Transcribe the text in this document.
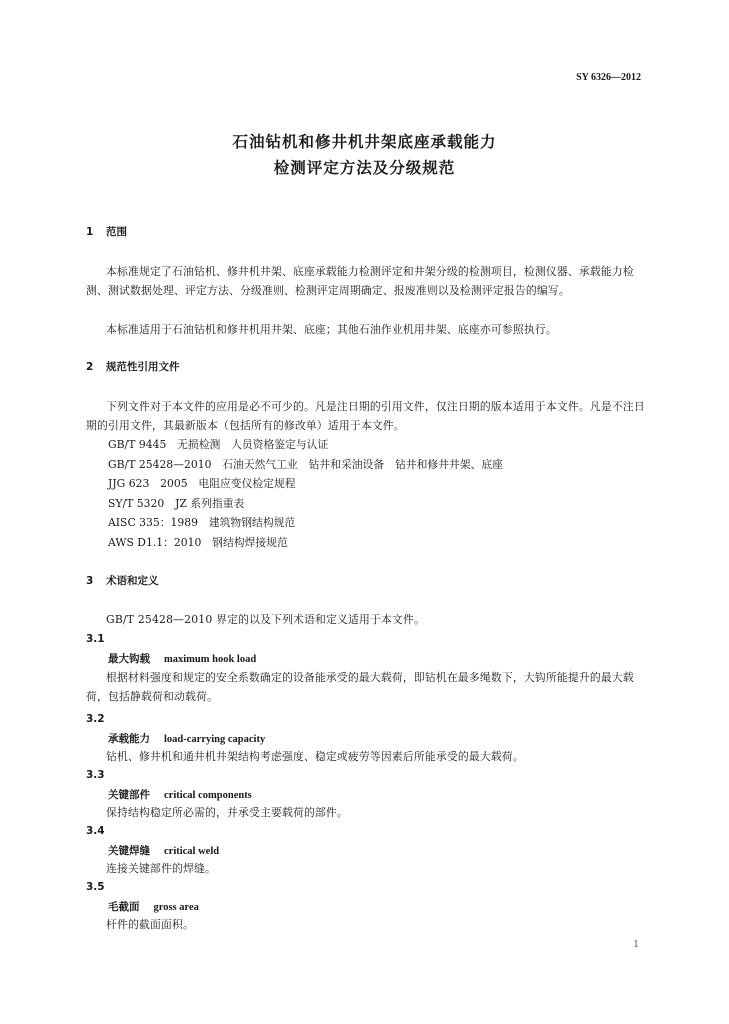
SY 6326—2012
石油钻机和修井机井架底座承载能力
检测评定方法及分级规范
1 范围
本标准规定了石油钻机、修井机井架、底座承载能力检测评定和井架分级的检测项目，检测仪器、承载能力检测、测试数据处理、评定方法、分级准则、检测评定周期确定、报废准则以及检测评定报告的编写。
本标准适用于石油钻机和修井机用井架、底座；其他石油作业机用井架、底座亦可参照执行。
2 规范性引用文件
下列文件对于本文件的应用是必不可少的。凡是注日期的引用文件，仅注日期的版本适用于本文件。凡是不注日期的引用文件，其最新版本（包括所有的修改单）适用于本文件。
GB/T 9445　无损检测　人员资格鉴定与认证
GB/T 25428—2010　石油天然气工业　钻井和采油设备　钻井和修井井架、底座
JJG 623　2005　电阻应变仪检定规程
SY/T 5320　JZ 系列指重表
AISC 335：1989　建筑物钢结构规范
AWS D1.1：2010　钢结构焊接规范
3 术语和定义
GB/T 25428—2010 界定的以及下列术语和定义适用于本文件。
3.1
最大钩载 maximum hook load
根据材料强度和规定的安全系数确定的设备能承受的最大载荷，即钻机在最多绳数下，大钩所能提升的最大载荷，包括静载荷和动载荷。
3.2
承载能力 load-carrying capacity
钻机、修井机和通井机井架结构考虑强度、稳定或疲劳等因素后所能承受的最大载荷。
3.3
关键部件 critical components
保持结构稳定所必需的，并承受主要载荷的部件。
3.4
关键焊缝 critical weld
连接关键部件的焊缝。
3.5
毛截面 gross area
杆件的截面面积。
1
